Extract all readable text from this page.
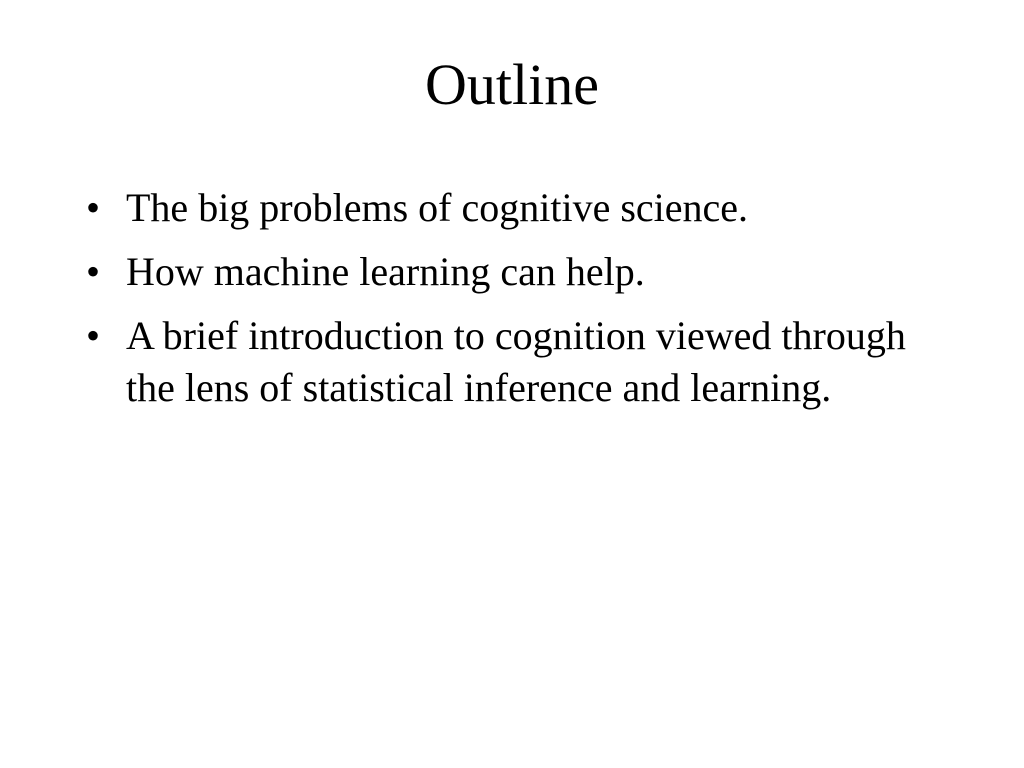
Outline
• The big problems of cognitive science.
• How machine learning can help.
• A brief introduction to cognition viewed through the lens of statistical inference and learning.
